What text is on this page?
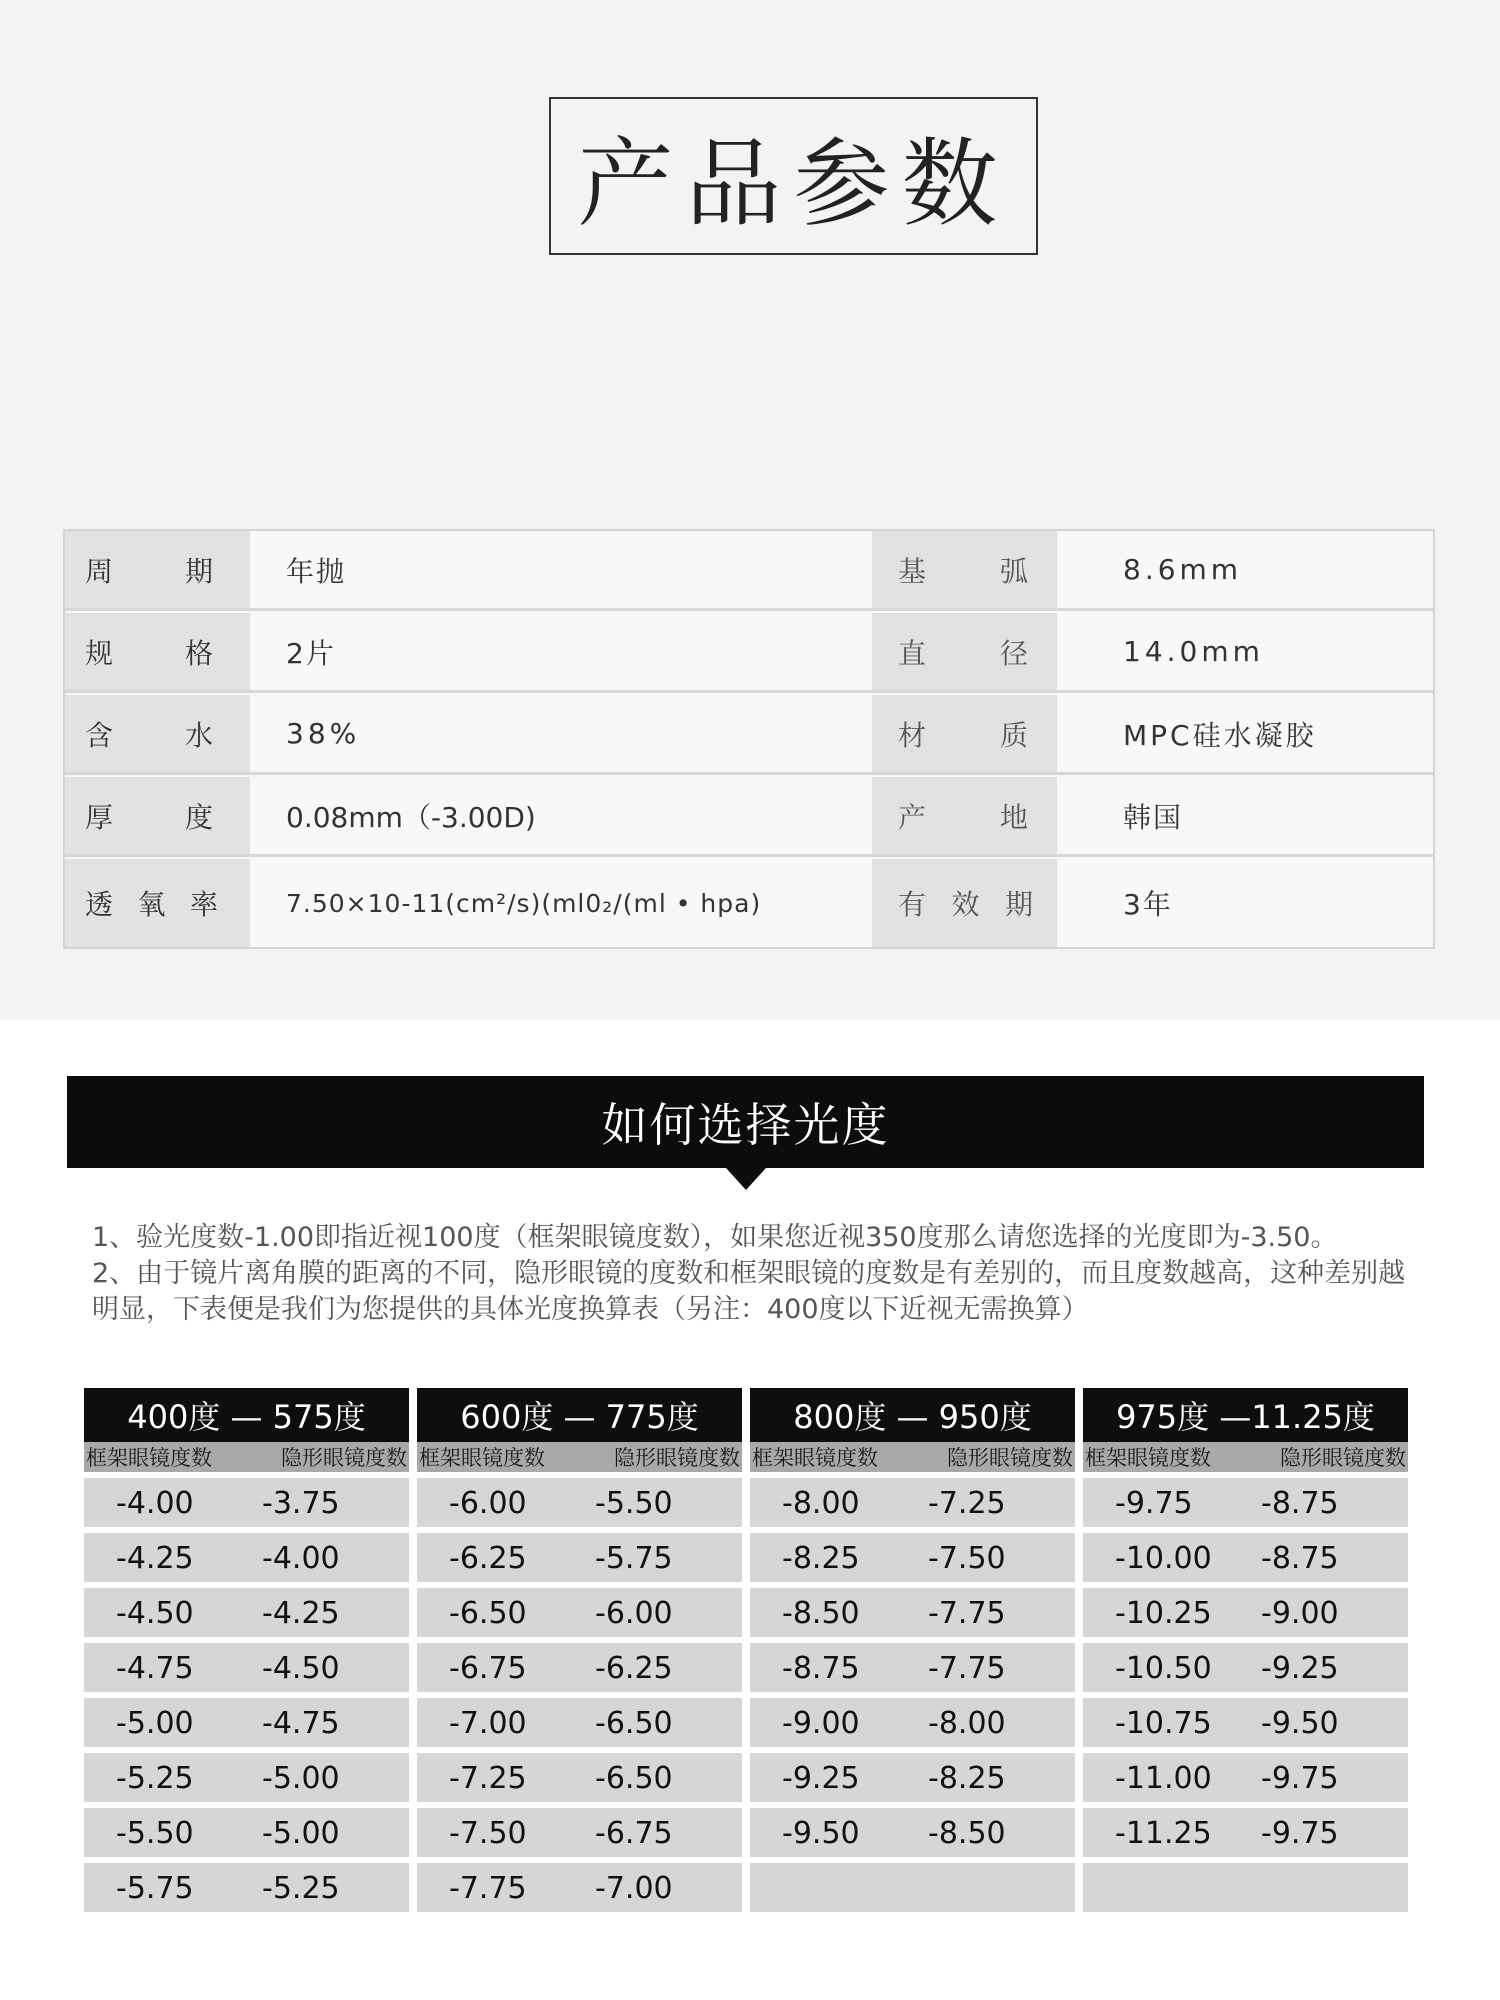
产品参数
周 期	年抛	基	弧	8.6mm
规 格	2片	直	径	14.0mm
含 水	38%	材	质	MPC硅水凝胶
厚 度	0.08mm（-3.00D)	产	地	韩国
透 氧 率	7.50×10-11(cm²/s)(ml0₂/(ml • hpa)	有 效 期	3年
如何选择光度

1、验光度数-1.00即指近视100度（框架眼镜度数），如果您近视350度那么请您选择的光度即为-3.50。

2、由于镜片离角膜的距离的不同，隐形眼镜的度数和框架眼镜的度数是有差别的，而且度数越高，这种差别越明显，下表便是我们为您提供的具体光度换算表（另注：400度以下近视无需换算）

400度 — 575度
框架眼镜度数	隐形眼镜度数
-4.00 -3.75
-4.25 -4.00
-4.50 -4.25
-4.75 -4.50
-5.00 -4.75
-5.25 -5.00
-5.50 -5.00
-5.75 -5.25
600度 — 775度
框架眼镜度数	隐形眼镜度数
-6.00 -5.50
-6.25 -5.75
-6.50 -6.00
-6.75 -6.25
-7.00 -6.50
-7.25 -6.50
-7.50 -6.75
-7.75 -7.00
800度 — 950度
框架眼镜度数	隐形眼镜度数
-8.00 -7.25
-8.25 -7.50
-8.50 -7.75
-8.75 -7.75
-9.00 -8.00
-9.25 -8.25
-9.50 -8.50
975度 —11.25度
框架眼镜度数	隐形眼镜度数
-9.75 -8.75
-10.00 -8.75
-10.25 -9.00
-10.50 -9.25
-10.75 -9.50
-11.00 -9.75
-11.25 -9.75
